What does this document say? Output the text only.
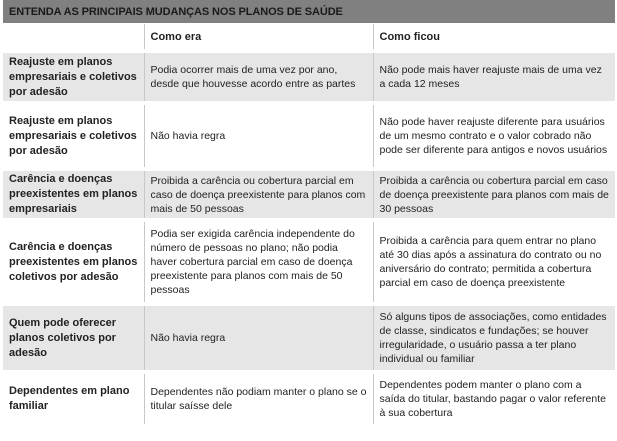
ENTENDA AS PRINCIPAIS MUDANÇAS NOS PLANOS DE SAÚDE
	Como era	Como ficou
Reajuste em planos empresariais e coletivos por adesão	Podia ocorrer mais de uma vez por ano, desde que houvesse acordo entre as partes	Não pode mais haver reajuste mais de uma vez a cada 12 meses
Reajuste em planos empresariais e coletivos por adesão	Não havia regra	Não pode haver reajuste diferente para usuários de um mesmo contrato e o valor cobrado não pode ser diferente para antigos e novos usuários
Carência e doenças preexistentes em planos empresariais	Proibida a carência ou cobertura parcial em caso de doença preexistente para planos com mais de 50 pessoas	Proibida a carência ou cobertura parcial em caso de doença preexistente para planos com mais de 30 pessoas
Carência e doenças preexistentes em planos coletivos por adesão	Podia ser exigida carência independente do número de pessoas no plano; não podia haver cobertura parcial em caso de doença preexistente para planos com mais de 50 pessoas	Proibida a carência para quem entrar no plano até 30 dias após a assinatura do contrato ou no aniversário do contrato; permitida a cobertura parcial em caso de doença preexistente
Quem pode oferecer planos coletivos por adesão	Não havia regra	Só alguns tipos de associações, como entidades de classe, sindicatos e fundações; se houver irregularidade, o usuário passa a ter plano individual ou familiar
Dependentes em plano familiar	Dependentes não podiam manter o plano se o titular saísse dele	Dependentes podem manter o plano com a saída do titular, bastando pagar o valor referente à sua cobertura
